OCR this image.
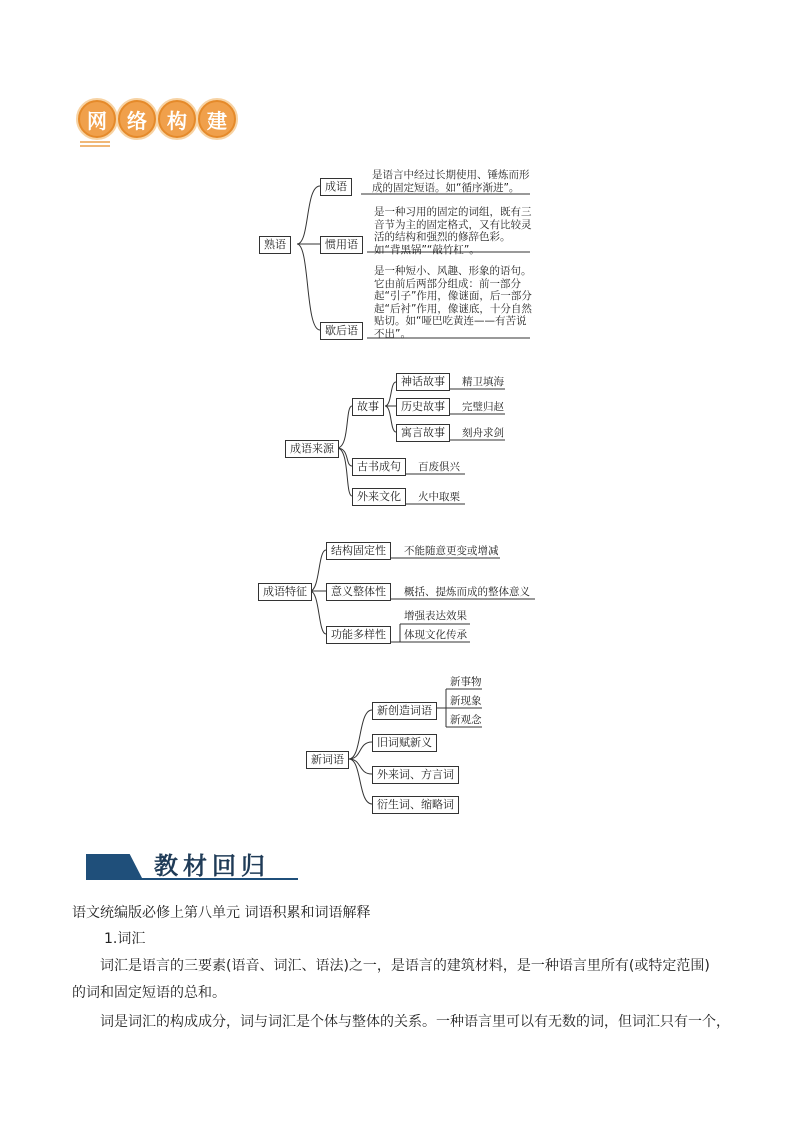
网	络	构	建
熟语
成语
惯用语
歇后语
是语言中经过长期使用、锤炼而形成的固定短语。如“循序渐进”。
是一种习用的固定的词组，既有三音节为主的固定格式，又有比较灵活的结构和强烈的修辞色彩。如“背黑锅”“敲竹杠”。
是一种短小、风趣、形象的语句。它由前后两部分组成：前一部分起“引子”作用，像谜面，后一部分起“后衬”作用，像谜底，十分自然贴切。如“哑巴吃黄连——有苦说不出”。
成语来源
故事
神话故事
历史故事
寓言故事
精卫填海
完璧归赵
刻舟求剑
古书成句
外来文化
百废俱兴
火中取栗
成语特征
结构固定性
意义整体性
功能多样性
不能随意更变或增减
概括、提炼而成的整体意义
增强表达效果
体现文化传承
新词语
新创造词语
旧词赋新义
外来词、方言词
衍生词、缩略词
新事物
新现象
新观念
教材回归
语文统编版必修上第八单元 词语积累和词语解释
1.词汇
词汇是语言的三要素(语音、词汇、语法)之一，是语言的建筑材料，是一种语言里所有(或特定范围)
的词和固定短语的总和。
词是词汇的构成成分，词与词汇是个体与整体的关系。一种语言里可以有无数的词，但词汇只有一个，
